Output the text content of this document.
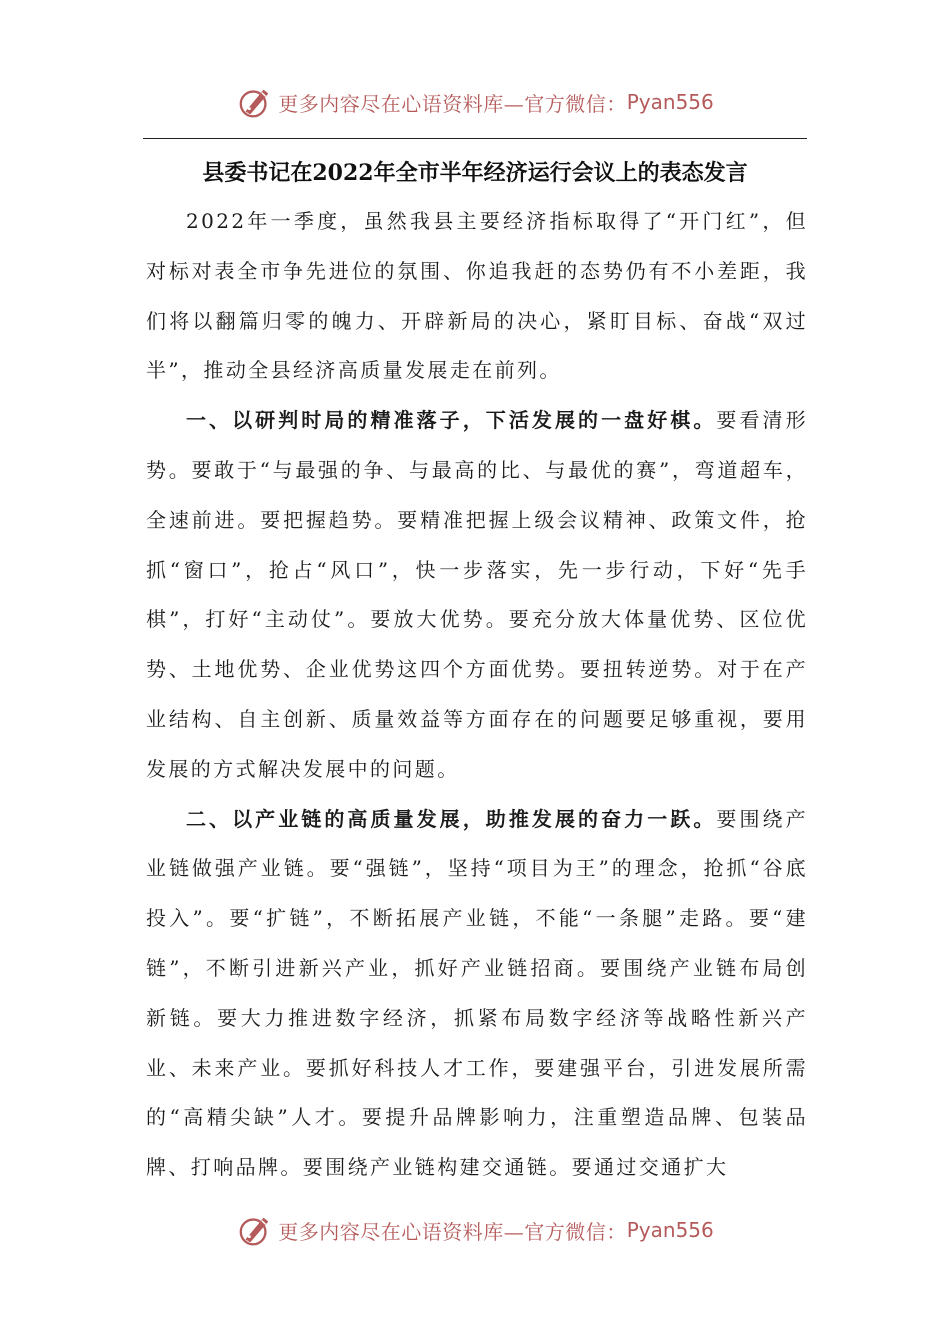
更多内容尽在心语资料库—官方微信： Pyan556
县委书记在2022年全市半年经济运行会议上的表态发言

2022年一季度，虽然我县主要经济指标取得了“开门红”，但对标对表全市争先进位的氛围、你追我赶的态势仍有不小差距，我们将以翻篇归零的魄力、开辟新局的决心，紧盯目标、奋战“双过半”，推动全县经济高质量发展走在前列。

一、以研判时局的精准落子，下活发展的一盘好棋。要看清形势。要敢于“与最强的争、与最高的比、与最优的赛”，弯道超车，全速前进。要把握趋势。要精准把握上级会议精神、政策文件，抢抓“窗口”，抢占“风口”，快一步落实，先一步行动，下好“先手棋”，打好“主动仗”。要放大优势。要充分放大体量优势、区位优势、土地优势、企业优势这四个方面优势。要扭转逆势。对于在产业结构、自主创新、质量效益等方面存在的问题要足够重视，要用发展的方式解决发展中的问题。

二、以产业链的高质量发展，助推发展的奋力一跃。要围绕产业链做强产业链。要“强链”，坚持“项目为王”的理念，抢抓“谷底投入”。要“扩链”，不断拓展产业链，不能“一条腿”走路。要“建链”，不断引进新兴产业，抓好产业链招商。要围绕产业链布局创新链。要大力推进数字经济，抓紧布局数字经济等战略性新兴产业、未来产业。要抓好科技人才工作，要建强平台，引进发展所需的“高精尖缺”人才。要提升品牌影响力，注重塑造品牌、包装品牌、打响品牌。要围绕产业链构建交通链。要通过交通扩大

更多内容尽在心语资料库—官方微信： Pyan556
